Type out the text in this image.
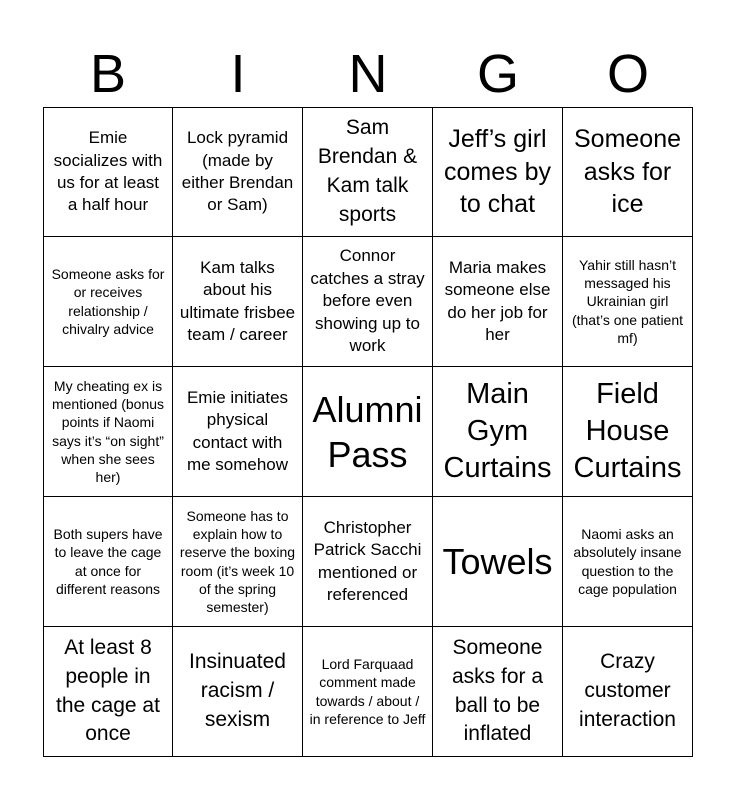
B	I	N	G	O
Emie socializes with us for at least a half hour
Lock pyramid (made by either Brendan or Sam)
Sam Brendan & Kam talk sports
Jeff’s girl comes by to chat
Someone asks for ice
Someone asks for or receives relationship / chivalry advice
Kam talks about his ultimate frisbee team / career
Connor catches a stray before even showing up to work
Maria makes someone else do her job for her
Yahir still hasn’t messaged his Ukrainian girl (that’s one patient mf)
My cheating ex is mentioned (bonus points if Naomi says it’s “on sight” when she sees her)
Emie initiates physical contact with me somehow
Alumni Pass
Main Gym Curtains
Field House Curtains
Both supers have to leave the cage at once for different reasons
Someone has to explain how to reserve the boxing room (it’s week 10 of the spring semester)
Christopher Patrick Sacchi mentioned or referenced
Towels
Naomi asks an absolutely insane question to the cage population
At least 8 people in the cage at once
Insinuated racism / sexism
Lord Farquaad comment made towards / about / in reference to Jeff
Someone asks for a ball to be inflated
Crazy customer interaction
